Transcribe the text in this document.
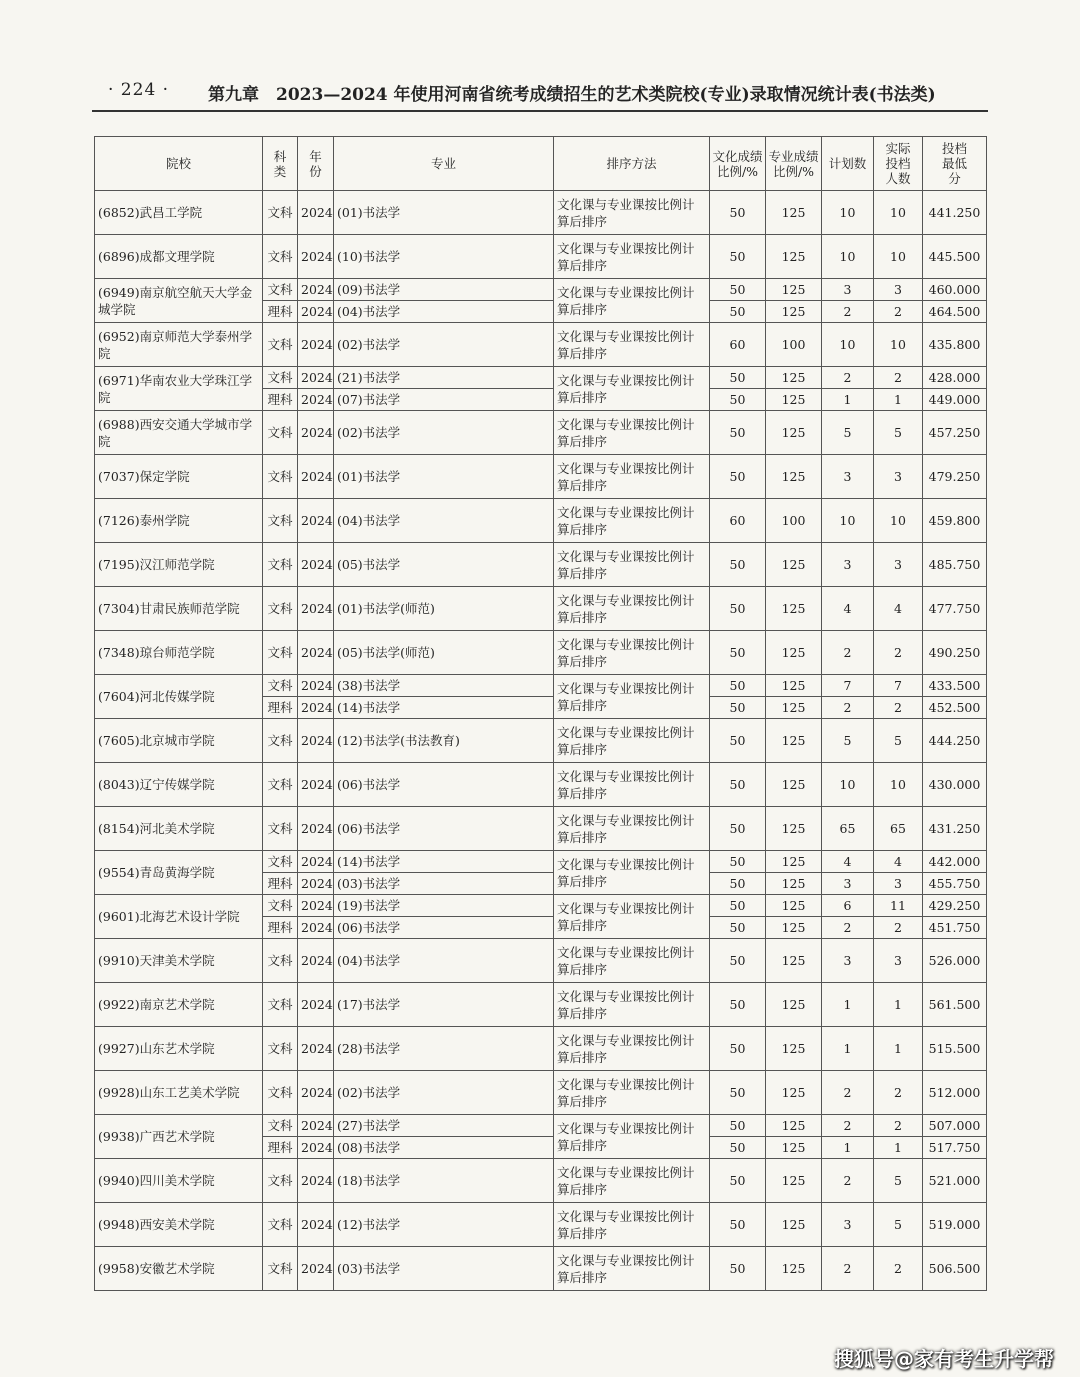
· 224 · 第九章　2023—2024 年使用河南省统考成绩招生的艺术类院校(专业)录取情况统计表(书法类)
院校	科类	年份	专业	排序方法	文化成绩比例/%	专业成绩比例/%	计划数	实际投档人数	投档最低分
(6852)武昌工学院	文科	2024	(01)书法学	文化课与专业课按比例计算后排序	50	125	10	10	441.250
(6896)成都文理学院	文科	2024	(10)书法学	文化课与专业课按比例计算后排序	50	125	10	10	445.500
(6949)南京航空航天大学金城学院	文科	2024	(09)书法学	文化课与专业课按比例计算后排序	50	125	3	3	460.000
	理科	2024	(04)书法学		50	125	2	2	464.500
(6952)南京师范大学泰州学院	文科	2024	(02)书法学	文化课与专业课按比例计算后排序	60	100	10	10	435.800
(6971)华南农业大学珠江学院	文科	2024	(21)书法学	文化课与专业课按比例计算后排序	50	125	2	2	428.000
	理科	2024	(07)书法学		50	125	1	1	449.000
(6988)西安交通大学城市学院	文科	2024	(02)书法学	文化课与专业课按比例计算后排序	50	125	5	5	457.250
(7037)保定学院	文科	2024	(01)书法学	文化课与专业课按比例计算后排序	50	125	3	3	479.250
(7126)泰州学院	文科	2024	(04)书法学	文化课与专业课按比例计算后排序	60	100	10	10	459.800
(7195)汉江师范学院	文科	2024	(05)书法学	文化课与专业课按比例计算后排序	50	125	3	3	485.750
(7304)甘肃民族师范学院	文科	2024	(01)书法学(师范)	文化课与专业课按比例计算后排序	50	125	4	4	477.750
(7348)琼台师范学院	文科	2024	(05)书法学(师范)	文化课与专业课按比例计算后排序	50	125	2	2	490.250
(7604)河北传媒学院	文科	2024	(38)书法学	文化课与专业课按比例计算后排序	50	125	7	7	433.500
	理科	2024	(14)书法学		50	125	2	2	452.500
(7605)北京城市学院	文科	2024	(12)书法学(书法教育)	文化课与专业课按比例计算后排序	50	125	5	5	444.250
(8043)辽宁传媒学院	文科	2024	(06)书法学	文化课与专业课按比例计算后排序	50	125	10	10	430.000
(8154)河北美术学院	文科	2024	(06)书法学	文化课与专业课按比例计算后排序	50	125	65	65	431.250
(9554)青岛黄海学院	文科	2024	(14)书法学	文化课与专业课按比例计算后排序	50	125	4	4	442.000
	理科	2024	(03)书法学		50	125	3	3	455.750
(9601)北海艺术设计学院	文科	2024	(19)书法学	文化课与专业课按比例计算后排序	50	125	6	11	429.250
	理科	2024	(06)书法学		50	125	2	2	451.750
(9910)天津美术学院	文科	2024	(04)书法学	文化课与专业课按比例计算后排序	50	125	3	3	526.000
(9922)南京艺术学院	文科	2024	(17)书法学	文化课与专业课按比例计算后排序	50	125	1	1	561.500
(9927)山东艺术学院	文科	2024	(28)书法学	文化课与专业课按比例计算后排序	50	125	1	1	515.500
(9928)山东工艺美术学院	文科	2024	(02)书法学	文化课与专业课按比例计算后排序	50	125	2	2	512.000
(9938)广西艺术学院	文科	2024	(27)书法学	文化课与专业课按比例计算后排序	50	125	2	2	507.000
	理科	2024	(08)书法学		50	125	1	1	517.750
(9940)四川美术学院	文科	2024	(18)书法学	文化课与专业课按比例计算后排序	50	125	2	5	521.000
(9948)西安美术学院	文科	2024	(12)书法学	文化课与专业课按比例计算后排序	50	125	3	5	519.000
(9958)安徽艺术学院	文科	2024	(03)书法学	文化课与专业课按比例计算后排序	50	125	2	2	506.500
搜狐号@家有考生升学帮
